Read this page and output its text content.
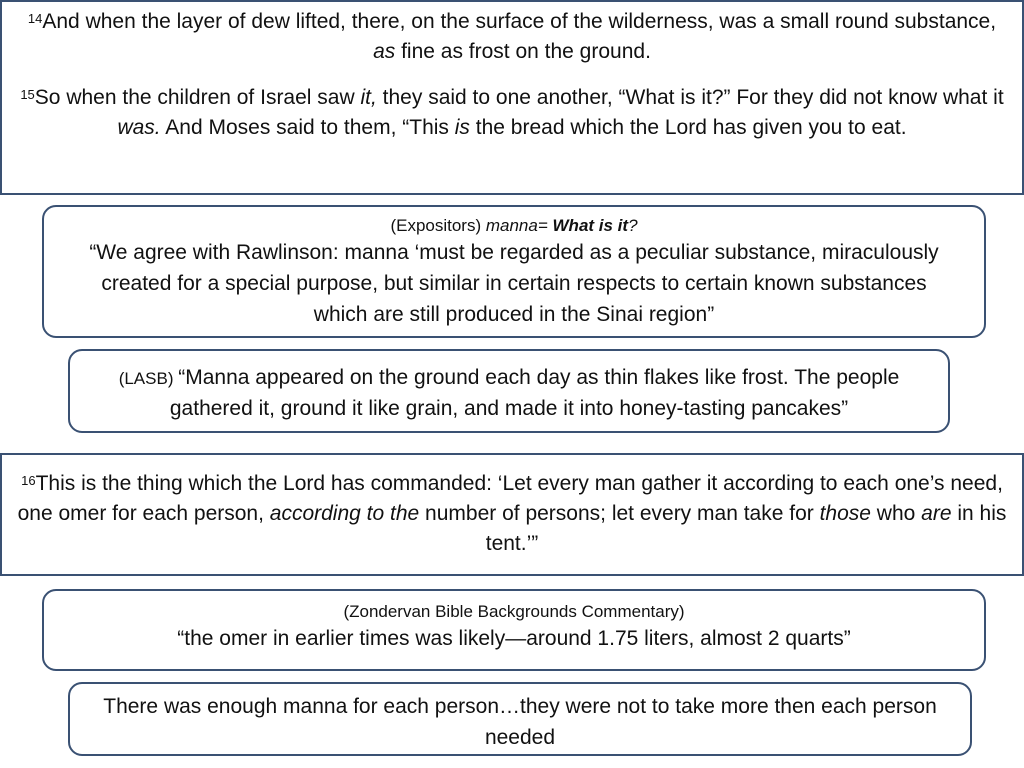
$^{14}$And when the layer of dew lifted, there, on the surface of the wilderness, was a small round substance, as fine as frost on the ground.

$^{15}$So when the children of Israel saw it, they said to one another, “What is it?” For they did not know what it was. And Moses said to them, “This is the bread which the Lord has given you to eat.

(Expositors) manna= What is it?

“We agree with Rawlinson: manna ‘must be regarded as a peculiar substance, miraculously created for a special purpose, but similar in certain respects to certain known substances which are still produced in the Sinai region”

(LASB) “Manna appeared on the ground each day as thin flakes like frost. The people gathered it, ground it like grain, and made it into honey-tasting pancakes”

$^{16}$This is the thing which the Lord has commanded: ‘Let every man gather it according to each one’s need, one omer for each person, according to the number of persons; let every man take for those who are in his tent.’”

(Zondervan Bible Backgrounds Commentary)

“the omer in earlier times was likely—around 1.75 liters, almost 2 quarts”

There was enough manna for each person…they were not to take more then each person needed
